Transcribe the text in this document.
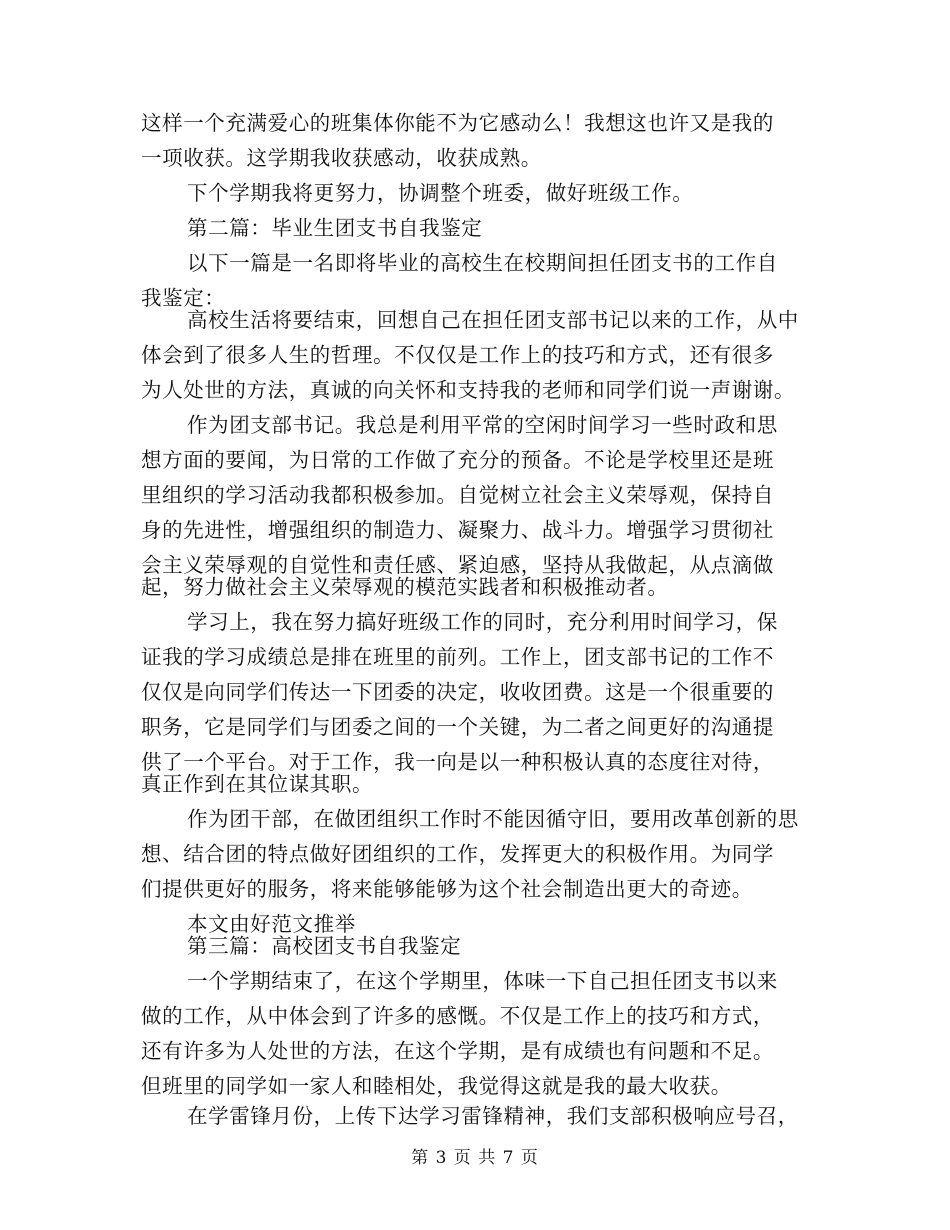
这样一个充满爱心的班集体你能不为它感动么！我想这也许又是我的
一项收获。这学期我收获感动，收获成熟。
下个学期我将更努力，协调整个班委，做好班级工作。
第二篇：毕业生团支书自我鉴定
以下一篇是一名即将毕业的高校生在校期间担任团支书的工作自
我鉴定：
高校生活将要结束，回想自己在担任团支部书记以来的工作，从中
体会到了很多人生的哲理。不仅仅是工作上的技巧和方式，还有很多
为人处世的方法，真诚的向关怀和支持我的老师和同学们说一声谢谢。
作为团支部书记。我总是利用平常的空闲时间学习一些时政和思
想方面的要闻，为日常的工作做了充分的预备。不论是学校里还是班
里组织的学习活动我都积极参加。自觉树立社会主义荣辱观，保持自
身的先进性，增强组织的制造力、凝聚力、战斗力。增强学习贯彻社
会主义荣辱观的自觉性和责任感、紧迫感，坚持从我做起，从点滴做
起，努力做社会主义荣辱观的模范实践者和积极推动者。
学习上，我在努力搞好班级工作的同时，充分利用时间学习，保
证我的学习成绩总是排在班里的前列。工作上，团支部书记的工作不
仅仅是向同学们传达一下团委的决定，收收团费。这是一个很重要的
职务，它是同学们与团委之间的一个关键，为二者之间更好的沟通提
供了一个平台。对于工作，我一向是以一种积极认真的态度往对待，
真正作到在其位谋其职。
作为团干部，在做团组织工作时不能因循守旧，要用改革创新的思
想、结合团的特点做好团组织的工作，发挥更大的积极作用。为同学
们提供更好的服务，将来能够能够为这个社会制造出更大的奇迹。
本文由好范文推举
第三篇：高校团支书自我鉴定
一个学期结束了，在这个学期里，体味一下自己担任团支书以来
做的工作，从中体会到了许多的感慨。不仅是工作上的技巧和方式，
还有许多为人处世的方法，在这个学期，是有成绩也有问题和不足。
但班里的同学如一家人和睦相处，我觉得这就是我的最大收获。
在学雷锋月份，上传下达学习雷锋精神，我们支部积极响应号召，
第 3 页 共 7 页
